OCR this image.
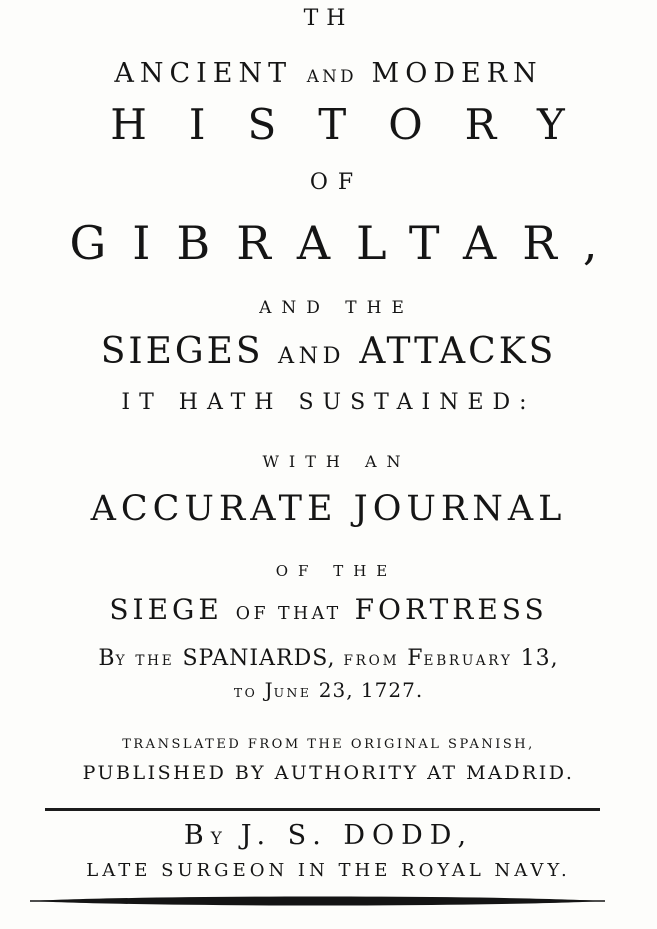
TH
ANCIENT AND MODERN
HISTORY
OF
GIBRALTAR,
AND THE
SIEGES AND ATTACKS
IT HATH SUSTAINED:
WITH AN
ACCURATE JOURNAL
OF THE
SIEGE OF THAT FORTRESS
BY THE SPANIARDS, FROM FEBRUARY 13,
TO JUNE 23, 1727.
TRANSLATED FROM THE ORIGINAL SPANISH,
PUBLISHED BY AUTHORITY AT MADRID.
BY J. S. DODD,
LATE SURGEON IN THE ROYAL NAVY.
